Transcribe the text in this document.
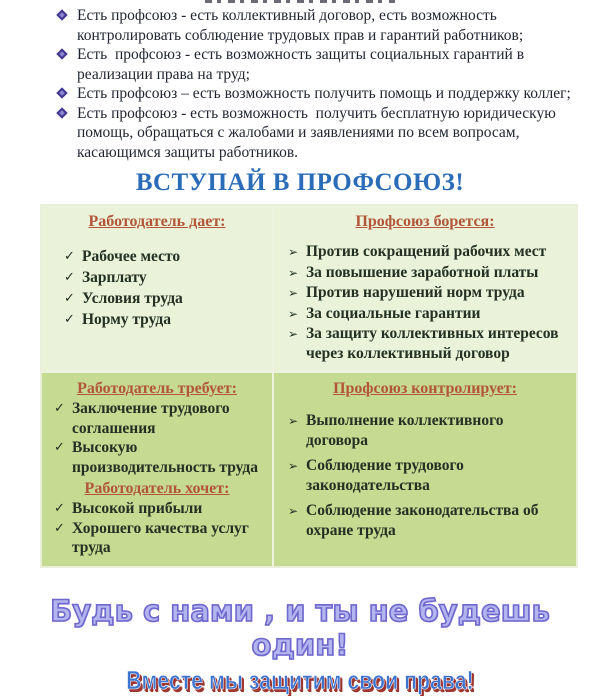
Есть профсоюз - есть коллективный договор, есть возможность контролировать соблюдение трудовых прав и гарантий работников;
Есть  профсоюз - есть возможность защиты социальных гарантий в реализации права на труд;
Есть профсоюз – есть возможность получить помощь и поддержку коллег;
Есть профсоюз - есть возможность  получить бесплатную юридическую помощь, обращаться с жалобами и заявлениями по всем вопросам, касающимся защиты работников.
ВСТУПАЙ В ПРОФСОЮЗ!
Работодатель дает:
✓ Рабочее место
✓ Зарплату
✓ Условия труда
✓ Норму труда
Профсоюз борется:
➢ Против сокращений рабочих мест
➢ За повышение заработной платы
➢ Против нарушений норм труда
➢ За социальные гарантии
➢ За защиту коллективных интересов через коллективный договор
Работодатель требует:
✓ Заключение трудового соглашения
✓ Высокую производительность труда
Работодатель хочет:
✓ Высокой прибыли
✓ Хорошего качества услуг труда
Профсоюз контролирует:
➢ Выполнение коллективного договора
➢ Соблюдение трудового законодательства
➢ Соблюдение законодательства об охране труда
Будь с нами , и ты не будешь один!
Вместе мы защитим свои права!
